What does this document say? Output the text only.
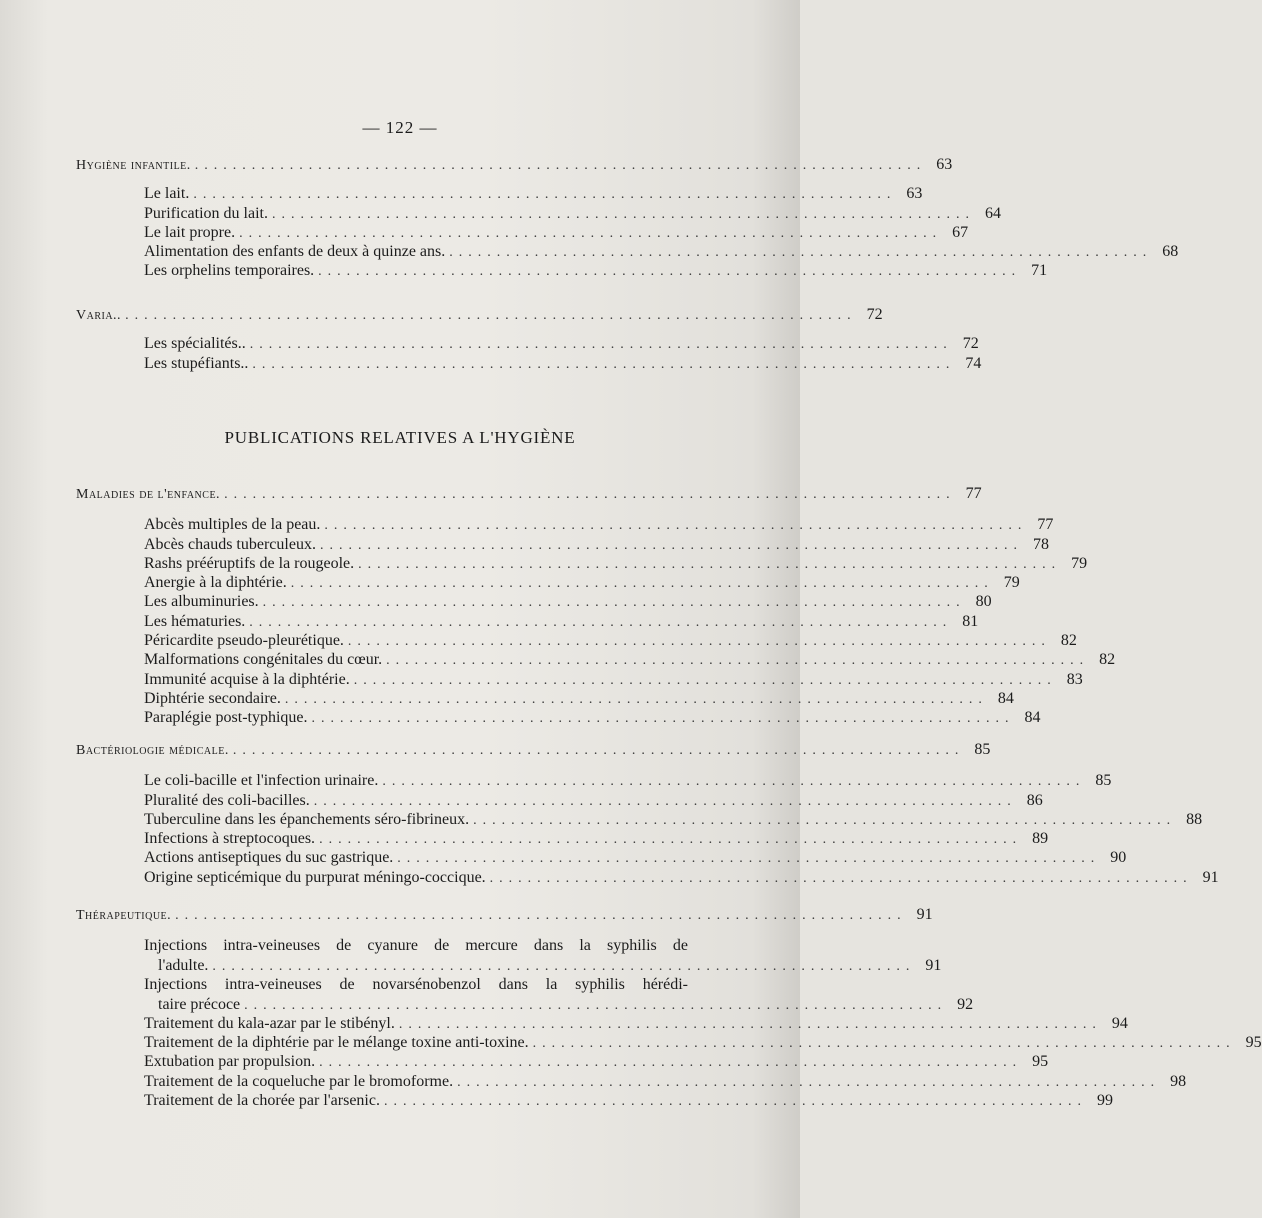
— 122 —
Hygiène infantile. ............................................................................. 63
Le lait. .......................................................................... 63
Purification du lait. .......................................................................... 64
Le lait propre. .......................................................................... 67
Alimentation des enfants de deux à quinze ans. .......................................................................... 68
Les orphelins temporaires. .......................................................................... 71
Varia.. ............................................................................. 72
Les spécialités.. .......................................................................... 72
Les stupéfiants.. .......................................................................... 74
PUBLICATIONS RELATIVES A L'HYGIÈNE
Maladies de l'enfance. ............................................................................. 77
Abcès multiples de la peau. .......................................................................... 77
Abcès chauds tuberculeux. .......................................................................... 78
Rashs prééruptifs de la rougeole. .......................................................................... 79
Anergie à la diphtérie. .......................................................................... 79
Les albuminuries. .......................................................................... 80
Les hématuries. .......................................................................... 81
Péricardite pseudo-pleurétique. .......................................................................... 82
Malformations congénitales du cœur. .......................................................................... 82
Immunité acquise à la diphtérie. .......................................................................... 83
Diphtérie secondaire. .......................................................................... 84
Paraplégie post-typhique. .......................................................................... 84
Bactériologie médicale. ............................................................................. 85
Le coli-bacille et l'infection urinaire. .......................................................................... 85
Pluralité des coli-bacilles. .......................................................................... 86
Tuberculine dans les épanchements séro-fibrineux. .......................................................................... 88
Infections à streptocoques. .......................................................................... 89
Actions antiseptiques du suc gastrique. .......................................................................... 90
Origine septicémique du purpurat méningo-coccique. .......................................................................... 91
Thérapeutique. ............................................................................. 91
Injections intra-veineuses de cyanure de mercure dans la syphilis de
l'adulte. .......................................................................... 91
Injections intra-veineuses de novarsénobenzol dans la syphilis hérédi-
taire précoce .......................................................................... 92
Traitement du kala-azar par le stibényl. .......................................................................... 94
Traitement de la diphtérie par le mélange toxine anti-toxine. .......................................................................... 95
Extubation par propulsion. .......................................................................... 95
Traitement de la coqueluche par le bromoforme. .......................................................................... 98
Traitement de la chorée par l'arsenic. .......................................................................... 99
